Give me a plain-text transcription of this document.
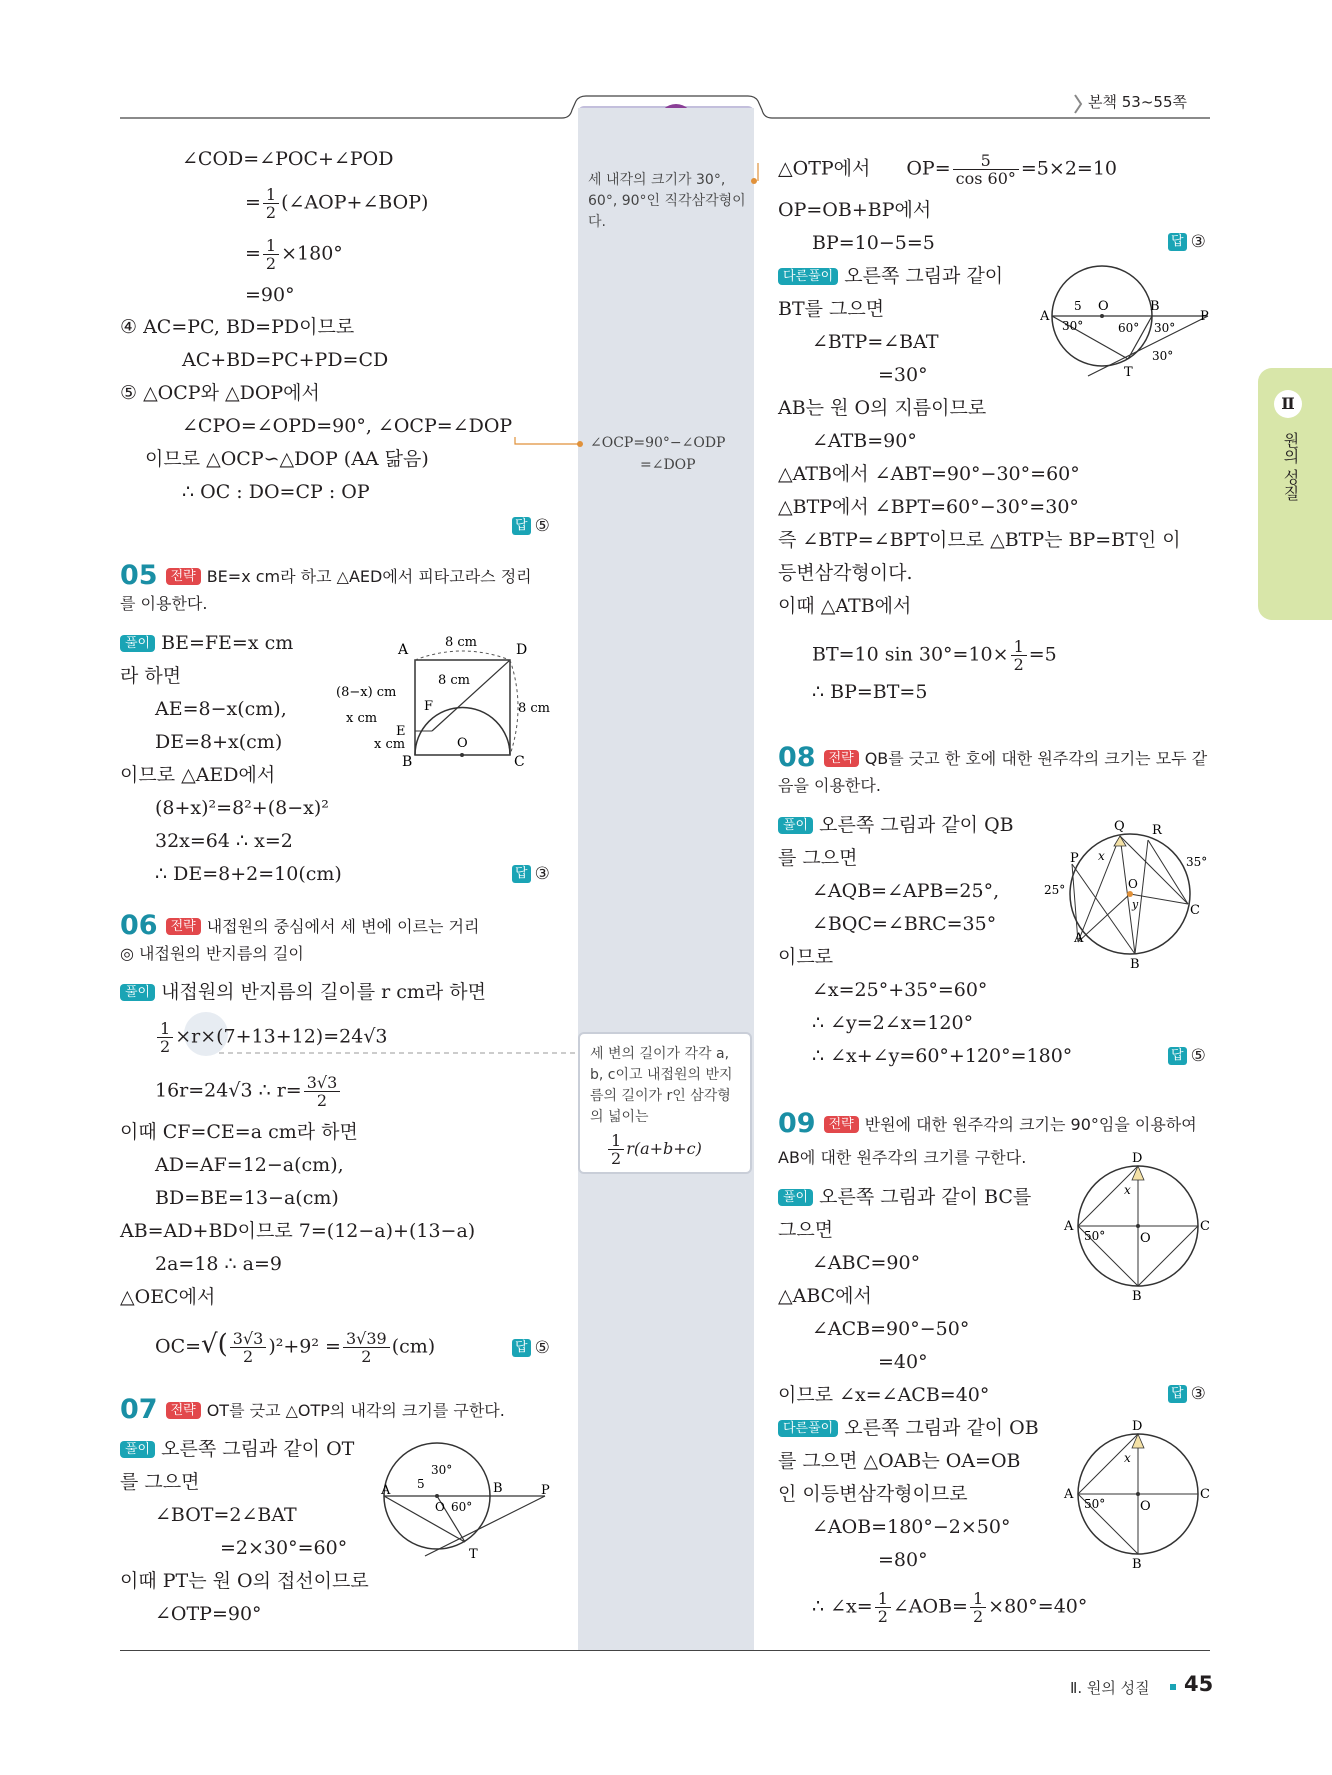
본책 53~55쪽
Ⅱ
원의 성질
세 내각의 크기가 30°, 60°, 90°인 직각삼각형이다.
∠OCP=90°−∠ODP
=∠DOP
세 변의 길이가 각각 a, b, c이고 내접원의 반지름의 길이가 r인 삼각형의 넓이는
$\frac{1}{2} r(a+b+c)$
∠COD=∠POC+∠POD
= $\frac{1}{2}$ (∠AOP+∠BOP)
= $\frac{1}{2} \times 180^\circ$
=90°
④ AC=PC, BD=PD이므로
AC+BD=PC+PD=CD
⑤ △OCP와 △DOP에서
∠CPO=∠OPD=90°, ∠OCP=∠DOP
이므로 △OCP∽△DOP (AA 닮음)
∴ OC : DO=CP : OP
답 ⑤
05 전략 BE=x cm라 하고 △AED에서 피타고라스 정리
를 이용한다.
풀이 BE=FE=x cm
라 하면
AE=8−x(cm),
DE=8+x(cm)
이므로 △AED에서
(8+x)²=8²+(8−x)²
32x=64 ∴ x=2
∴ DE=8+2=10(cm)	답 ③
A	D
8 cm
8 cm
8 cm
(8−x) cm
F
x cm
E
x cm	O
B	C
06 전략 내접원의 중심에서 세 변에 이르는 거리
◎ 내접원의 반지름의 길이
풀이 내접원의 반지름의 길이를 r cm라 하면
$\frac{1}{2} \times r\times(7+13+12)=24√3$
16r=24√3 ∴ $r= \frac{3√3}{2}$
이때 CF=CE=a cm라 하면
AD=AF=12−a(cm),
BD=BE=13−a(cm)
AB=AD+BD이므로 7=(12−a)+(13−a)
2a=18 ∴ a=9
△OEC에서
$OC=√( \frac{3√3}{2} )^2+9^2 = \frac{3√39}{2} (cm)$	답 ⑤
07 전략 OT를 긋고 △OTP의 내각의 크기를 구한다.
풀이 오른쪽 그림과 같이 OT
를 그으면
∠BOT=2∠BAT
=2×30°=60°
이때 PT는 원 O의 접선이므로
∠OTP=90°
A 5
30°
O 60°
B	P
T
△OTP에서 $OP= \frac{5}{\cos 60^\circ} =5\times 2=10$
OP=OB+BP에서
BP=10−5=5	답 ③
다른풀이 오른쪽 그림과 같이
BT를 그으면
∠BTP=∠BAT
=30°
AB는 원 O의 지름이므로
∠ATB=90°
△ATB에서 ∠ABT=90°−30°=60°
△BTP에서 ∠BPT=60°−30°=30°
즉 ∠BTP=∠BPT이므로 △BTP는 BP=BT인 이
등변삼각형이다.
이때 △ATB에서
BT=10 $\sin 30^\circ=10\times \frac{1}{2} =5$
∴ BP=BT=5
A
5 O
30°	60°
B
30°
P
30°
T
08 전략 QB를 긋고 한 호에 대한 원주각의 크기는 모두 같
음을 이용한다.
풀이 오른쪽 그림과 같이 QB
를 그으면
∠AQB=∠APB=25°,
∠BQC=∠BRC=35°
이므로
∠x=25°+35°=60°
∴ ∠y=2∠x=120°
∴ ∠x+∠y=60°+120°=180°	답 ⑤
Q R
P x	35°
25°	O
y	C
A
B
09 전략 반원에 대한 원주각의 크기는 90°임을 이용하여
AB에 대한 원주각의 크기를 구한다.
풀이 오른쪽 그림과 같이 BC를
그으면
∠ABC=90°
△ABC에서
∠ACB=90°−50°
=40°
이므로 ∠x=∠ACB=40°	답 ③
다른풀이 오른쪽 그림과 같이 OB
를 그으면 △OAB는 OA=OB
인 이등변삼각형이므로
∠AOB=180°−2×50°
=80°
∴ ∠x= $\frac{1}{2}$ ∠AOB= $\frac{1}{2} \times 80^\circ=40^\circ$
D
x
A
50°	O
C
B
D
x
A
50°	O
C
B
Ⅱ. 원의 성질 45
